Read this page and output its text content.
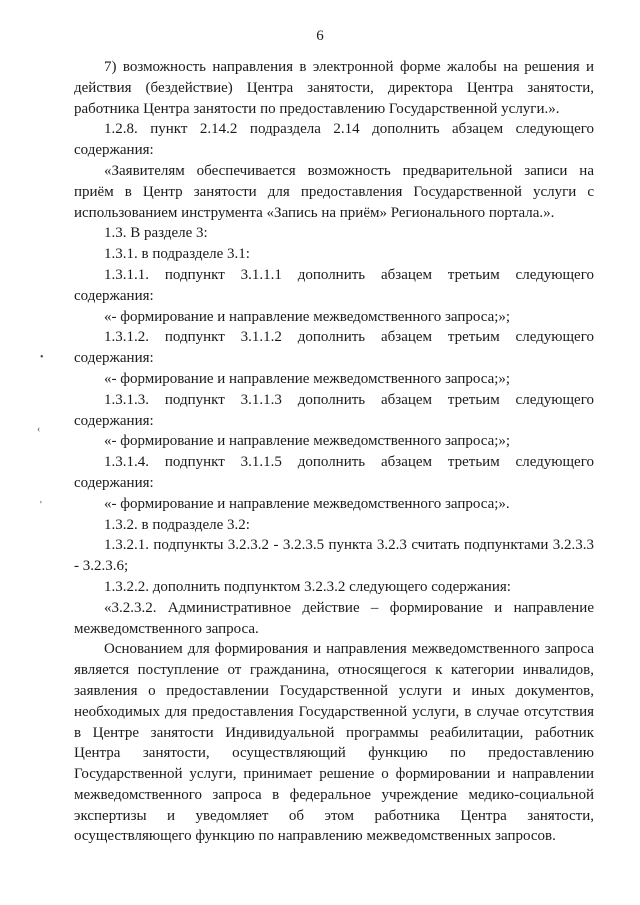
6
•
‹
'

7) возможность направления в электронной форме жалобы на решения и действия (бездействие) Центра занятости, директора Центра занятости, работника Центра занятости по предоставлению Государственной услуги.».

1.2.8. пункт 2.14.2 подраздела 2.14 дополнить абзацем следующего содержания:

«Заявителям обеспечивается возможность предварительной записи на приём в Центр занятости для предоставления Государственной услуги с использованием инструмента «Запись на приём» Регионального портала.».

1.3. В разделе 3:

1.3.1. в подразделе 3.1:

1.3.1.1. подпункт 3.1.1.1 дополнить абзацем третьим следующего содержания:

«- формирование и направление межведомственного запроса;»;

1.3.1.2. подпункт 3.1.1.2 дополнить абзацем третьим следующего содержания:

«- формирование и направление межведомственного запроса;»;

1.3.1.3. подпункт 3.1.1.3 дополнить абзацем третьим следующего содержания:

«- формирование и направление межведомственного запроса;»;

1.3.1.4. подпункт 3.1.1.5 дополнить абзацем третьим следующего содержания:

«- формирование и направление межведомственного запроса;».

1.3.2. в подразделе 3.2:

1.3.2.1. подпункты 3.2.3.2 - 3.2.3.5 пункта 3.2.3 считать подпунктами 3.2.3.3 - 3.2.3.6;

1.3.2.2. дополнить подпунктом 3.2.3.2 следующего содержания:

«3.2.3.2. Административное действие – формирование и направление межведомственного запроса.

Основанием для формирования и направления межведомственного запроса является поступление от гражданина, относящегося к категории инвалидов, заявления о предоставлении Государственной услуги и иных документов, необходимых для предоставления Государственной услуги, в случае отсутствия в Центре занятости Индивидуальной программы реабилитации, работник Центра занятости, осуществляющий функцию по предоставлению Государственной услуги, принимает решение о формировании и направлении межведомственного запроса в федеральное учреждение медико-социальной экспертизы и уведомляет об этом работника Центра занятости, осуществляющего функцию по направлению межведомственных запросов.
